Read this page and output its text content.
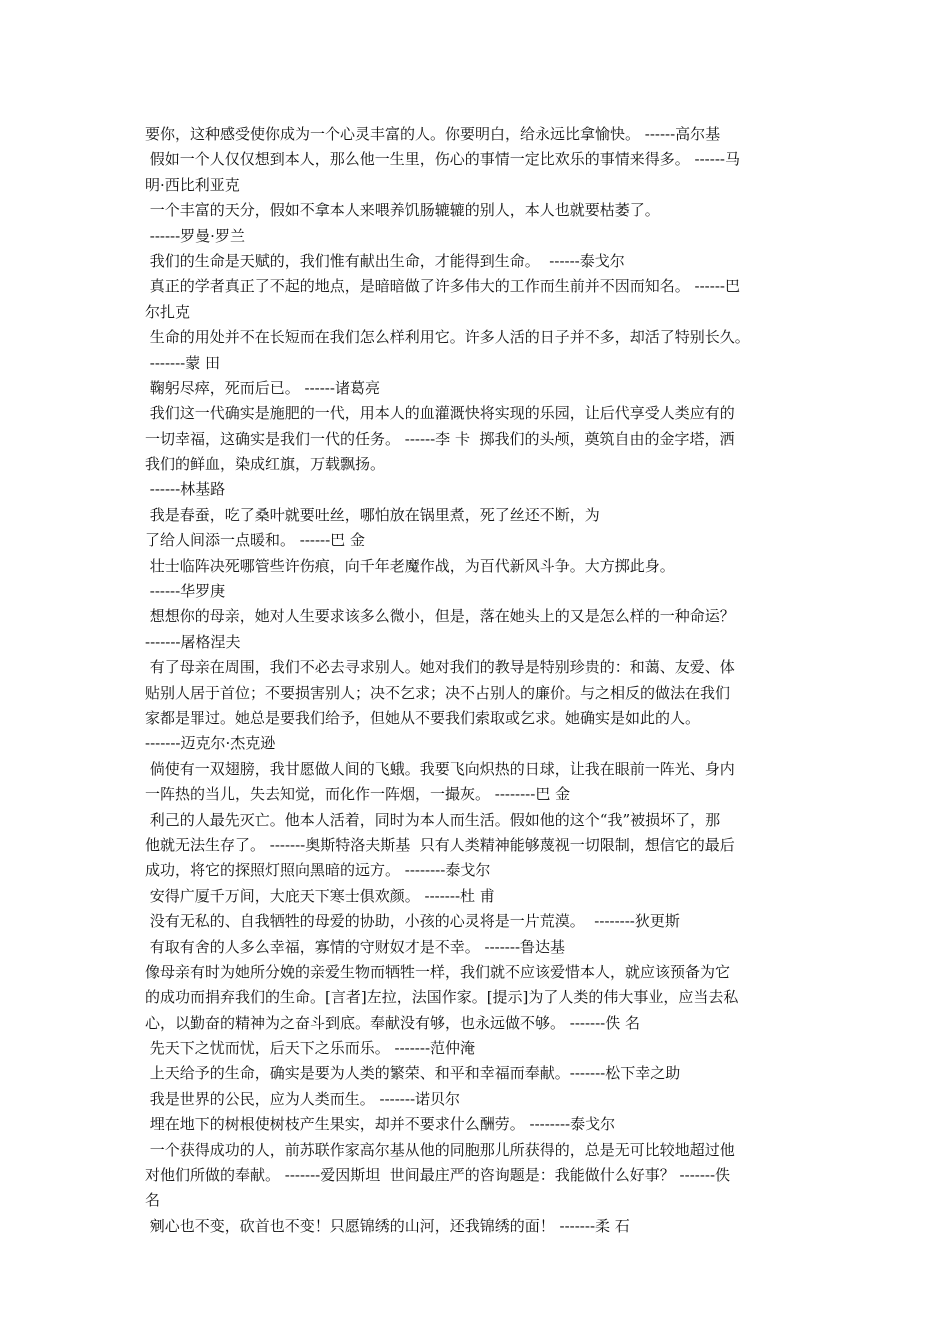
要你，这种感受使你成为一个心灵丰富的人。你要明白，给永远比拿愉快。 ------高尔基
假如一个人仅仅想到本人，那么他一生里，伤心的事情一定比欢乐的事情来得多。 ------马
明·西比利亚克
一个丰富的天分，假如不拿本人来喂养饥肠辘辘的别人，本人也就要枯萎了。
------罗曼·罗兰
我们的生命是天赋的，我们惟有献出生命，才能得到生命。  ------泰戈尔
真正的学者真正了不起的地点，是暗暗做了许多伟大的工作而生前并不因而知名。 ------巴
尔扎克
生命的用处并不在长短而在我们怎么样利用它。许多人活的日子并不多，却活了特别长久。
-------蒙 田
鞠躬尽瘁，死而后已。 ------诸葛亮
我们这一代确实是施肥的一代，用本人的血灌溉快将实现的乐园，让后代享受人类应有的
一切幸福，这确实是我们一代的任务。 ------李 卡  掷我们的头颅，奠筑自由的金字塔，洒
我们的鲜血，染成红旗，万载飘扬。
------林基路
我是春蚕，吃了桑叶就要吐丝，哪怕放在锅里煮，死了丝还不断，为
了给人间添一点暖和。 ------巴 金
壮士临阵决死哪管些许伤痕，向千年老魔作战，为百代新风斗争。大方掷此身。
------华罗庚
想想你的母亲，她对人生要求该多么微小，但是，落在她头上的又是怎么样的一种命运？
-------屠格涅夫
有了母亲在周围，我们不必去寻求别人。她对我们的教导是特别珍贵的：和蔼、友爱、体
贴别人居于首位；不要损害别人；决不乞求；决不占别人的廉价。与之相反的做法在我们
家都是罪过。她总是要我们给予，但她从不要我们索取或乞求。她确实是如此的人。
-------迈克尔·杰克逊
倘使有一双翅膀，我甘愿做人间的飞蛾。我要飞向炽热的日球，让我在眼前一阵光、身内
一阵热的当儿，失去知觉，而化作一阵烟，一撮灰。 --------巴 金
利己的人最先灭亡。他本人活着，同时为本人而生活。假如他的这个“我”被损坏了，那
他就无法生存了。 -------奥斯特洛夫斯基  只有人类精神能够蔑视一切限制，想信它的最后
成功，将它的探照灯照向黑暗的远方。 --------泰戈尔
安得广厦千万间，大庇天下寒士俱欢颜。 -------杜 甫
没有无私的、自我牺牲的母爱的协助，小孩的心灵将是一片荒漠。  --------狄更斯
有取有舍的人多么幸福，寡情的守财奴才是不幸。 -------鲁达基
像母亲有时为她所分娩的亲爱生物而牺牲一样，我们就不应该爱惜本人，就应该预备为它
的成功而捐弃我们的生命。[言者]左拉，法国作家。[提示]为了人类的伟大事业，应当去私
心，以勤奋的精神为之奋斗到底。奉献没有够，也永远做不够。 -------佚 名
先天下之忧而忧，后天下之乐而乐。 -------范仲淹
上天给予的生命，确实是要为人类的繁荣、和平和幸福而奉献。-------松下幸之助
我是世界的公民，应为人类而生。 -------诺贝尔
埋在地下的树根使树枝产生果实，却并不要求什么酬劳。 --------泰戈尔
一个获得成功的人，前苏联作家高尔基从他的同胞那儿所获得的，总是无可比较地超过他
对他们所做的奉献。 -------爱因斯坦  世间最庄严的咨询题是：我能做什么好事？ -------佚
名
剜心也不变，砍首也不变！只愿锦绣的山河，还我锦绣的面！ -------柔 石
